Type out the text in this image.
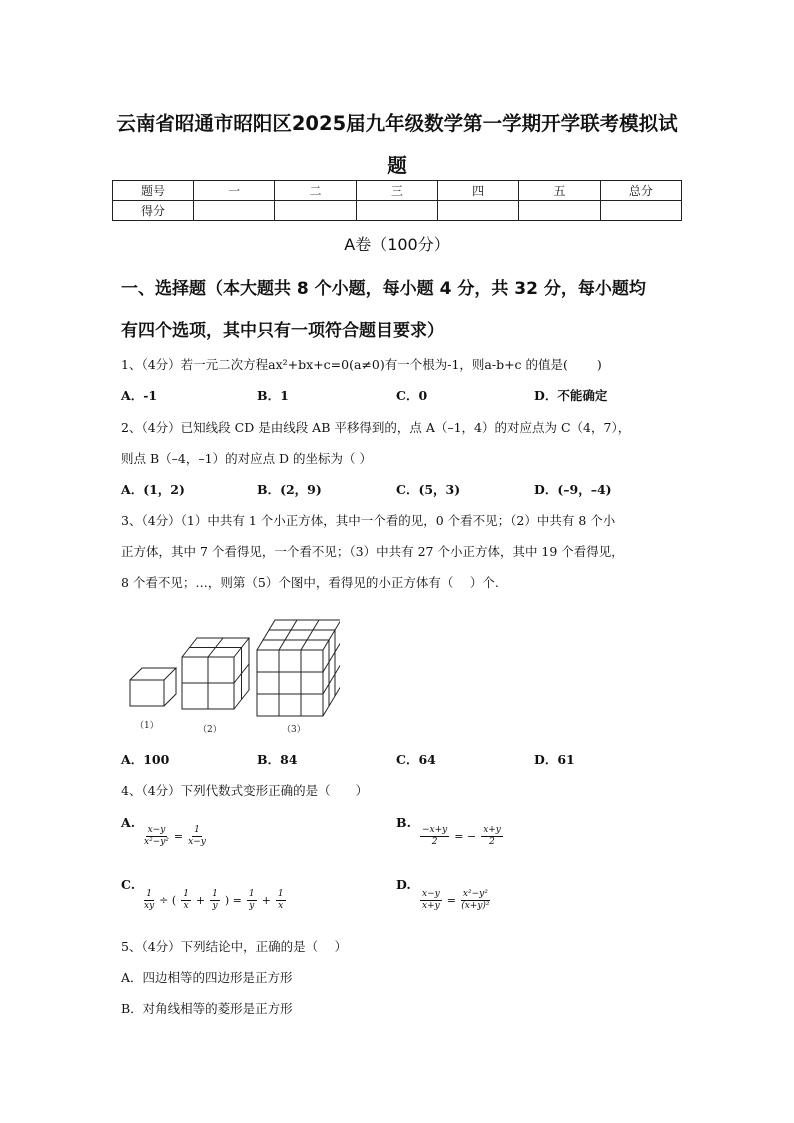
云南省昭通市昭阳区2025届九年级数学第一学期开学联考模拟试
题
题号	一	二	三	四	五	总分
得分						
A卷（100分）
一、选择题（本大题共 8 个小题，每小题 4 分，共 32 分，每小题均
有四个选项，其中只有一项符合题目要求）
1、（4分）若一元二次方程ax²+bx+c=0(a≠0)有一个根为-1，则a-b+c 的值是(　　 )
A．-1	B．1	C．0	D．不能确定
2、（4分）已知线段 CD 是由线段 AB 平移得到的，点 A（–1，4）的对应点为 C（4，7），
则点 B（–4，–1）的对应点 D 的坐标为（ ）
A．(1，2)	B．(2，9)	C．(5，3)	D．(–9，–4)
3、（4分）（1）中共有 1 个小正方体，其中一个看的见，0 个看不见；（2）中共有 8 个小
正方体，其中 7 个看得见，一个看不见；（3）中共有 27 个小正方体，其中 19 个看得见，
8 个看不见；…，则第（5）个图中，看得见的小正方体有（　 ）个.
（1）	（2）	（3）
A．100	B．84	C．64	D．61
4、（4分）下列代数式变形正确的是（　　）
A.
$\frac{x-y}{\text{x²−y²}} = \frac{1}{x-y}$
B.
$\frac{-x+y}{2}$ = − $\frac{x+y}{2}$
C.
$\frac{1}{xy}$ ÷ ( $\frac{1}{x} + \frac{1}{y}$ ) = $\frac{1}{y} + \frac{1}{x}$
D.
$\frac{x-y}{x+y} = \frac{\text{x²−y²}}{\text{(x+y)²}}$
5、（4分）下列结论中，正确的是（　 ）
A．四边相等的四边形是正方形
B．对角线相等的菱形是正方形
